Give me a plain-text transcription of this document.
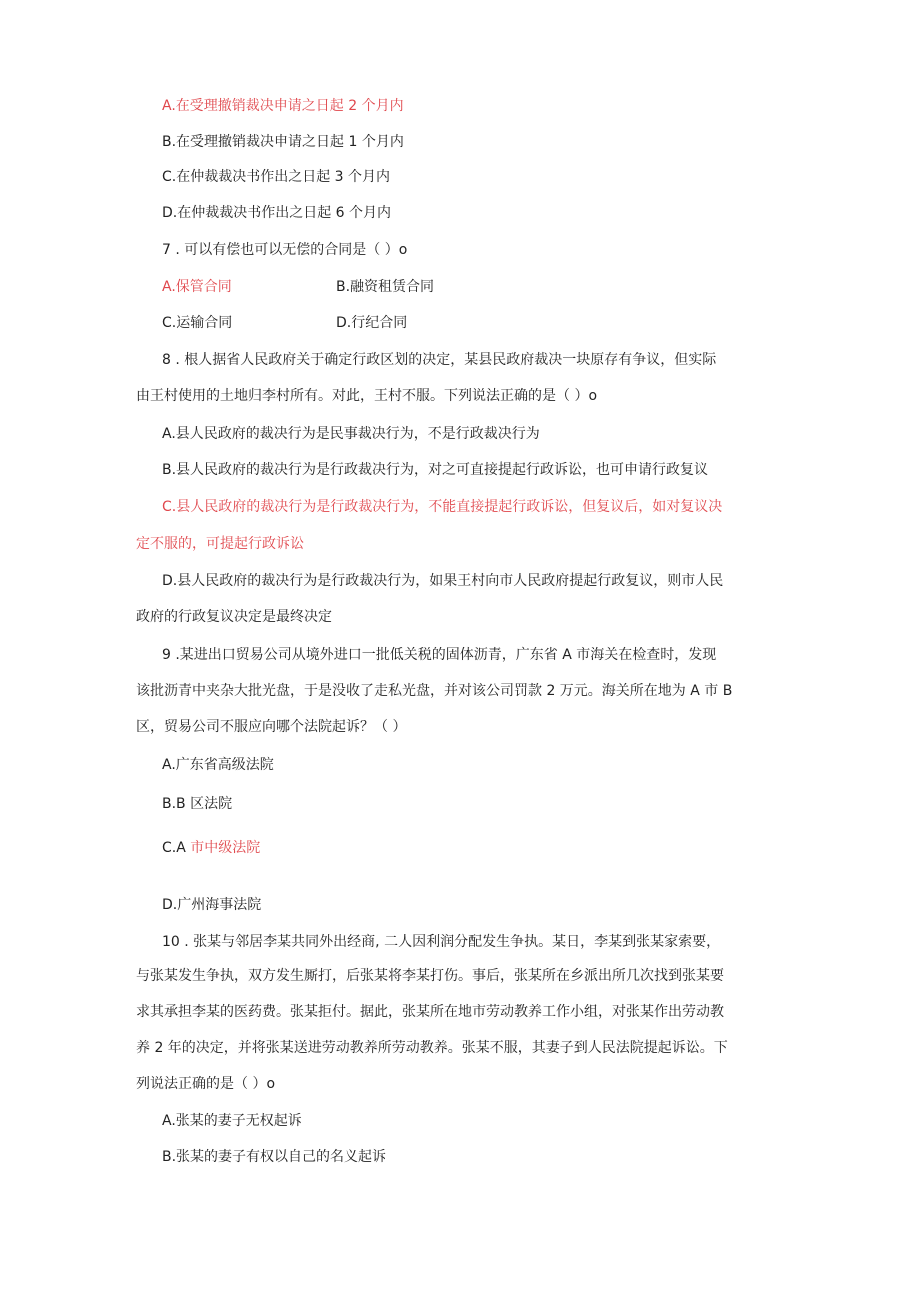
A.在受理撤销裁决申请之日起 2 个月内
B.在受理撤销裁决申请之日起 1 个月内
C.在仲裁裁决书作出之日起 3 个月内
D.在仲裁裁决书作出之日起 6 个月内
7 . 可以有偿也可以无偿的合同是（ ）o
A.保管合同	B.融资租赁合同
C.运输合同	D.行纪合同
8 . 根人据省人民政府关于确定行政区划的决定，某县民政府裁决一块原存有争议，但实际
由王村使用的土地归李村所有。对此，王村不服。下列说法正确的是（ ）o
A.县人民政府的裁决行为是民事裁决行为，不是行政裁决行为
B.县人民政府的裁决行为是行政裁决行为，对之可直接提起行政诉讼，也可申请行政复议
C.县人民政府的裁决行为是行政裁决行为，不能直接提起行政诉讼，但复议后，如对复议决
定不服的，可提起行政诉讼
D.县人民政府的裁决行为是行政裁决行为，如果王村向市人民政府提起行政复议，则市人民
政府的行政复议决定是最终决定
9 .某进出口贸易公司从境外进口一批低关税的固体沥青，广东省 A 市海关在检查时，发现
该批沥青中夹杂大批光盘，于是没收了走私光盘，并对该公司罚款 2 万元。海关所在地为 A 市 B
区，贸易公司不服应向哪个法院起诉？（ ）
A.广东省高级法院
B.B 区法院
C.A 市中级法院
D.广州海事法院
10 . 张某与邻居李某共同外出经商, 二人因利润分配发生争执。某日，李某到张某家索要，
与张某发生争执，双方发生厮打，后张某将李某打伤。事后，张某所在乡派出所几次找到张某要
求其承担李某的医药费。张某拒付。据此，张某所在地市劳动教养工作小组，对张某作出劳动教
养 2 年的决定，并将张某送进劳动教养所劳动教养。张某不服，其妻子到人民法院提起诉讼。下
列说法正确的是（ ）o
A.张某的妻子无权起诉
B.张某的妻子有权以自己的名义起诉
